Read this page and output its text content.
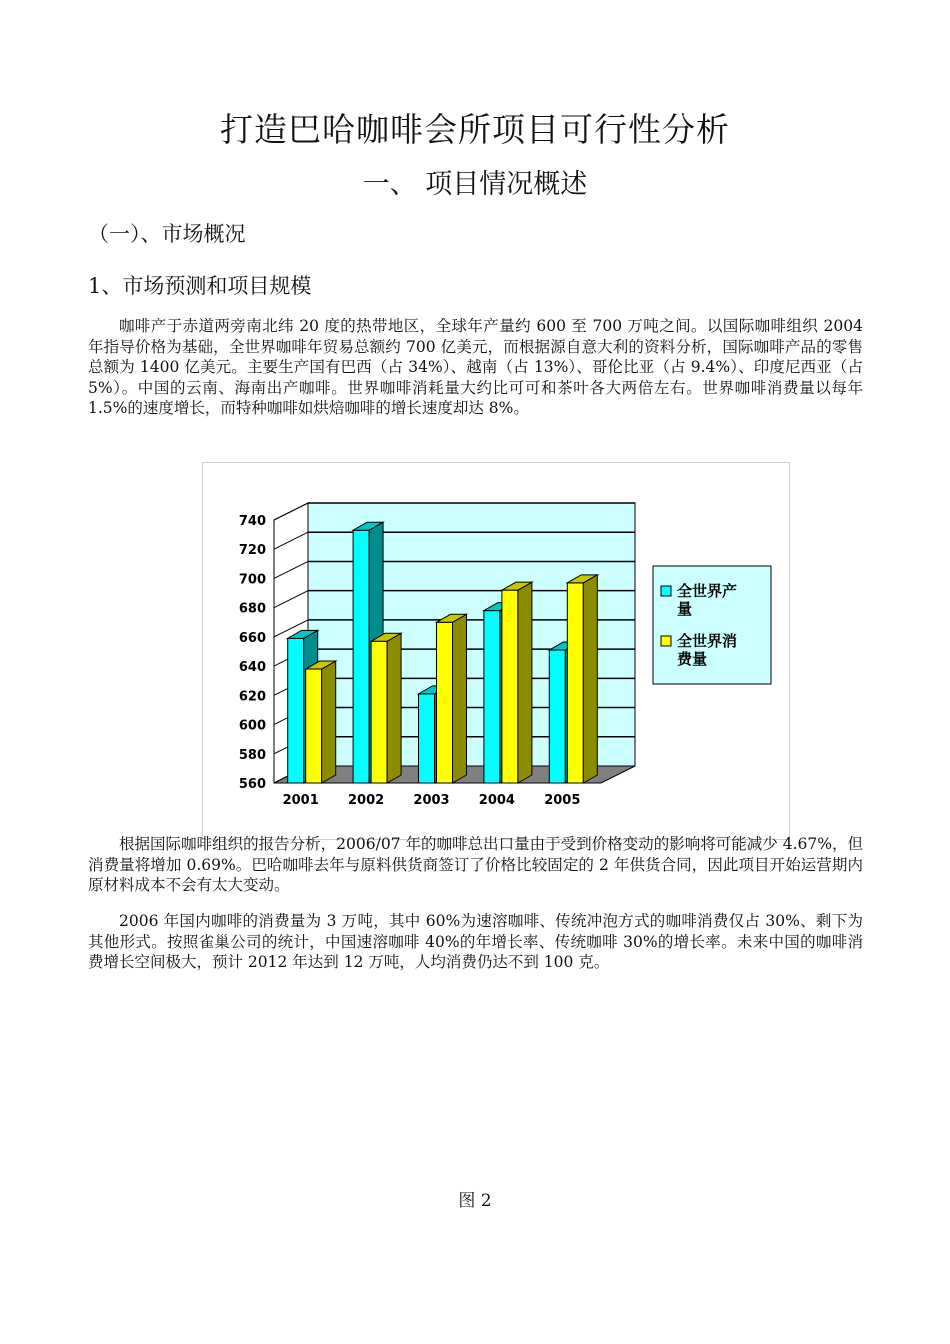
打造巴哈咖啡会所项目可行性分析
一、 项目情况概述
（一）、市场概况
1、市场预测和项目规模

咖啡产于赤道两旁南北纬 20 度的热带地区，全球年产量约 600 至 700 万吨之间。以国际咖啡组织 2004 年指导价格为基础，全世界咖啡年贸易总额约 700 亿美元，而根据源自意大利的资料分析，国际咖啡产品的零售总额为 1400 亿美元。主要生产国有巴西（占 34%）、越南（占 13%）、哥伦比亚（占 9.4%）、印度尼西亚（占 5%）。中国的云南、海南出产咖啡。世界咖啡消耗量大约比可可和茶叶各大两倍左右。世界咖啡消费量以每年 1.5%的速度增长，而特种咖啡如烘焙咖啡的增长速度却达 8%。

560
580
600
620
640
660
680
700
720
740
2001 2002 2003 2004 2005
全世界产
量
全世界消
费量

根据国际咖啡组织的报告分析，2006/07 年的咖啡总出口量由于受到价格变动的影响将可能减少 4.67%，但消费量将增加 0.69%。巴哈咖啡去年与原料供货商签订了价格比较固定的 2 年供货合同，因此项目开始运营期内原材料成本不会有太大变动。

2006 年国内咖啡的消费量为 3 万吨，其中 60%为速溶咖啡、传统冲泡方式的咖啡消费仅占 30%、剩下为其他形式。按照雀巢公司的统计，中国速溶咖啡 40%的年增长率、传统咖啡 30%的增长率。未来中国的咖啡消费增长空间极大，预计 2012 年达到 12 万吨，人均消费仍达不到 100 克。

图 2
